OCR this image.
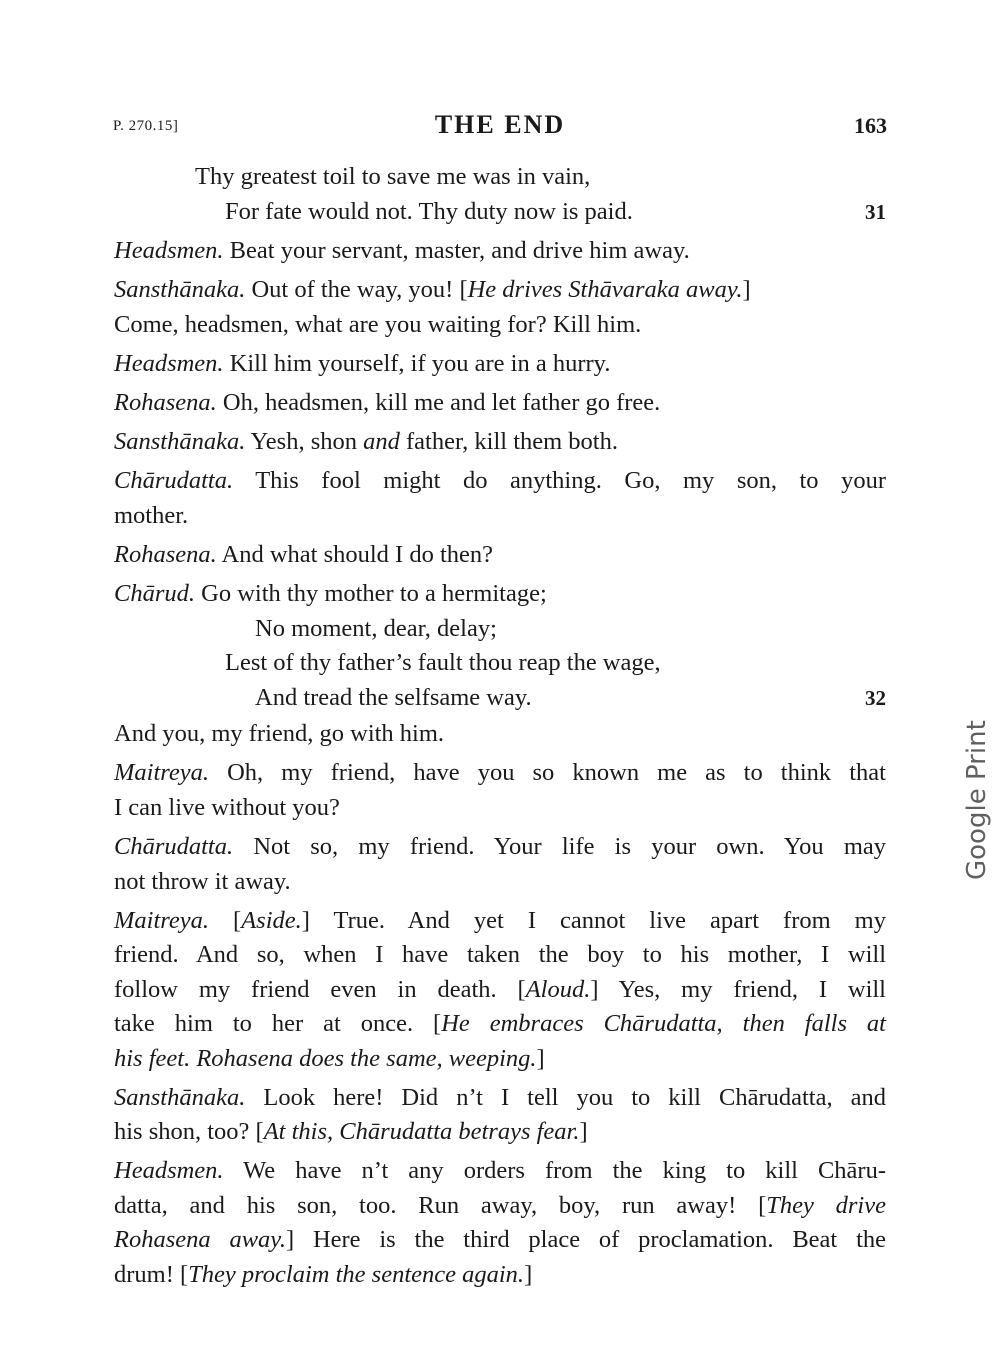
P. 270.15]	THE END	163
Thy greatest toil to save me was in vain,
For fate would not. Thy duty now is paid.	31
Headsmen. Beat your servant, master, and drive him away.
Sansthānaka. Out of the way, you! [He drives Sthāvaraka away.]
Come, headsmen, what are you waiting for? Kill him.
Headsmen. Kill him yourself, if you are in a hurry.
Rohasena. Oh, headsmen, kill me and let father go free.
Sansthānaka. Yesh, shon and father, kill them both.
Chārudatta. This fool might do anything. Go, my son, to your
mother.
Rohasena. And what should I do then?
Chārud. Go with thy mother to a hermitage;
No moment, dear, delay;
Lest of thy father’s fault thou reap the wage,
And tread the selfsame way.	32
And you, my friend, go with him.
Maitreya. Oh, my friend, have you so known me as to think that
I can live without you?
Chārudatta. Not so, my friend. Your life is your own. You may
not throw it away.
Maitreya. [Aside.] True. And yet I cannot live apart from my
friend. And so, when I have taken the boy to his mother, I will
follow my friend even in death. [Aloud.] Yes, my friend, I will
take him to her at once. [He embraces Chārudatta, then falls at
his feet. Rohasena does the same, weeping.]
Sansthānaka. Look here! Did n’t I tell you to kill Chārudatta, and
his shon, too? [At this, Chārudatta betrays fear.]
Headsmen. We have n’t any orders from the king to kill Chāru-
datta, and his son, too. Run away, boy, run away! [They drive
Rohasena away.] Here is the third place of proclamation. Beat the
drum! [They proclaim the sentence again.]
Google Print
